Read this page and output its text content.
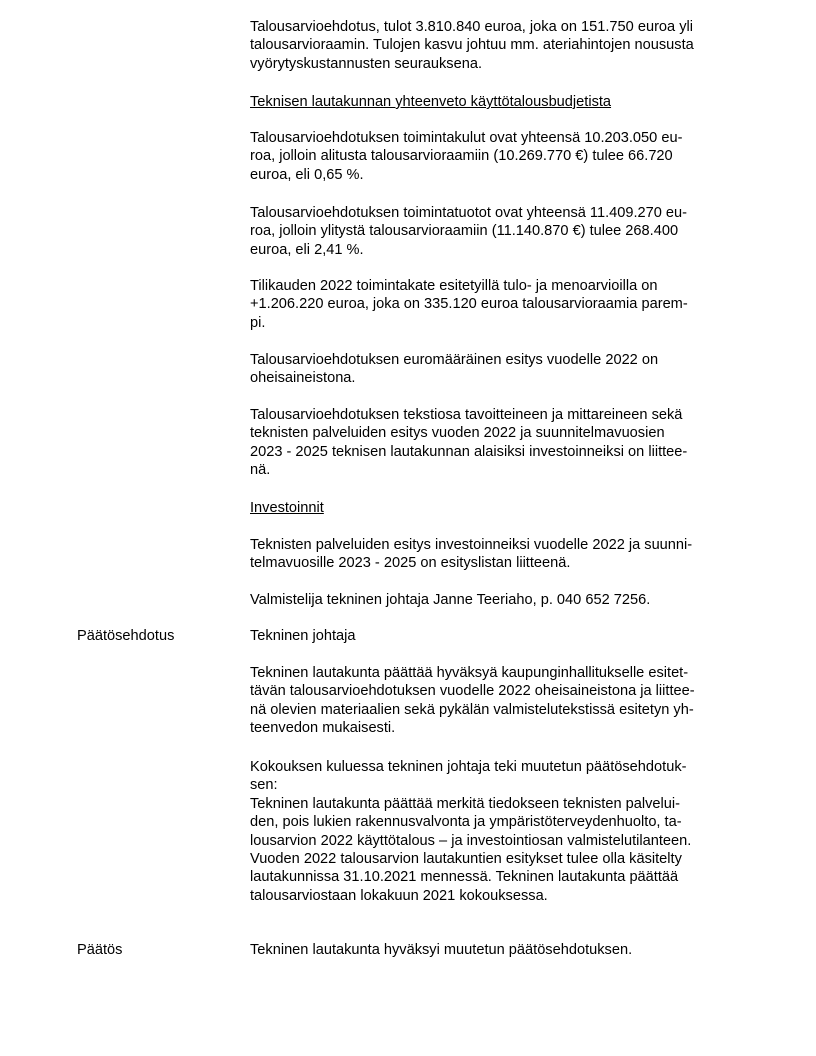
Talousarvioehdotus, tulot 3.810.840 euroa, joka on 151.750 euroa yli
talousarvioraamin. Tulojen kasvu johtuu mm. ateriahintojen noususta
vyörytyskustannusten seurauksena.

Teknisen lautakunnan yhteenveto käyttötalousbudjetista

Talousarvioehdotuksen toimintakulut ovat yhteensä 10.203.050 eu-
roa, jolloin alitusta talousarvioraamiin (10.269.770 €) tulee 66.720
euroa, eli 0,65 %.

Talousarvioehdotuksen toimintatuotot ovat yhteensä 11.409.270 eu-
roa, jolloin ylitystä talousarvioraamiin (11.140.870 €) tulee 268.400
euroa, eli 2,41 %.

Tilikauden 2022 toimintakate esitetyillä tulo- ja menoarvioilla on
+1.206.220 euroa, joka on 335.120 euroa talousarvioraamia parem-
pi.

Talousarvioehdotuksen euromääräinen esitys vuodelle 2022 on
oheisaineistona.

Talousarvioehdotuksen tekstiosa tavoitteineen ja mittareineen sekä
teknisten palveluiden esitys vuoden 2022 ja suunnitelmavuosien
2023 - 2025 teknisen lautakunnan alaisiksi investoinneiksi on liittee-
nä.

Investoinnit

Teknisten palveluiden esitys investoinneiksi vuodelle 2022 ja suunni-
telmavuosille 2023 - 2025 on esityslistan liitteenä.

Valmistelija tekninen johtaja Janne Teeriaho, p. 040 652 7256.

Päätösehdotus	Tekninen johtaja

Tekninen lautakunta päättää hyväksyä kaupunginhallitukselle esitet-
tävän talousarvioehdotuksen vuodelle 2022 oheisaineistona ja liittee-
nä olevien materiaalien sekä pykälän valmistelutekstissä esitetyn yh-
teenvedon mukaisesti.

Kokouksen kuluessa tekninen johtaja teki muutetun päätösehdotuk-
sen:
Tekninen lautakunta päättää merkitä tiedokseen teknisten palvelui-
den, pois lukien rakennusvalvonta ja ympäristöterveydenhuolto, ta-
lousarvion 2022 käyttötalous – ja investointiosan valmistelutilanteen.
Vuoden 2022 talousarvion lautakuntien esitykset tulee olla käsitelty
lautakunnissa 31.10.2021 mennessä. Tekninen lautakunta päättää
talousarviostaan lokakuun 2021 kokouksessa.

Päätös	Tekninen lautakunta hyväksyi muutetun päätösehdotuksen.
